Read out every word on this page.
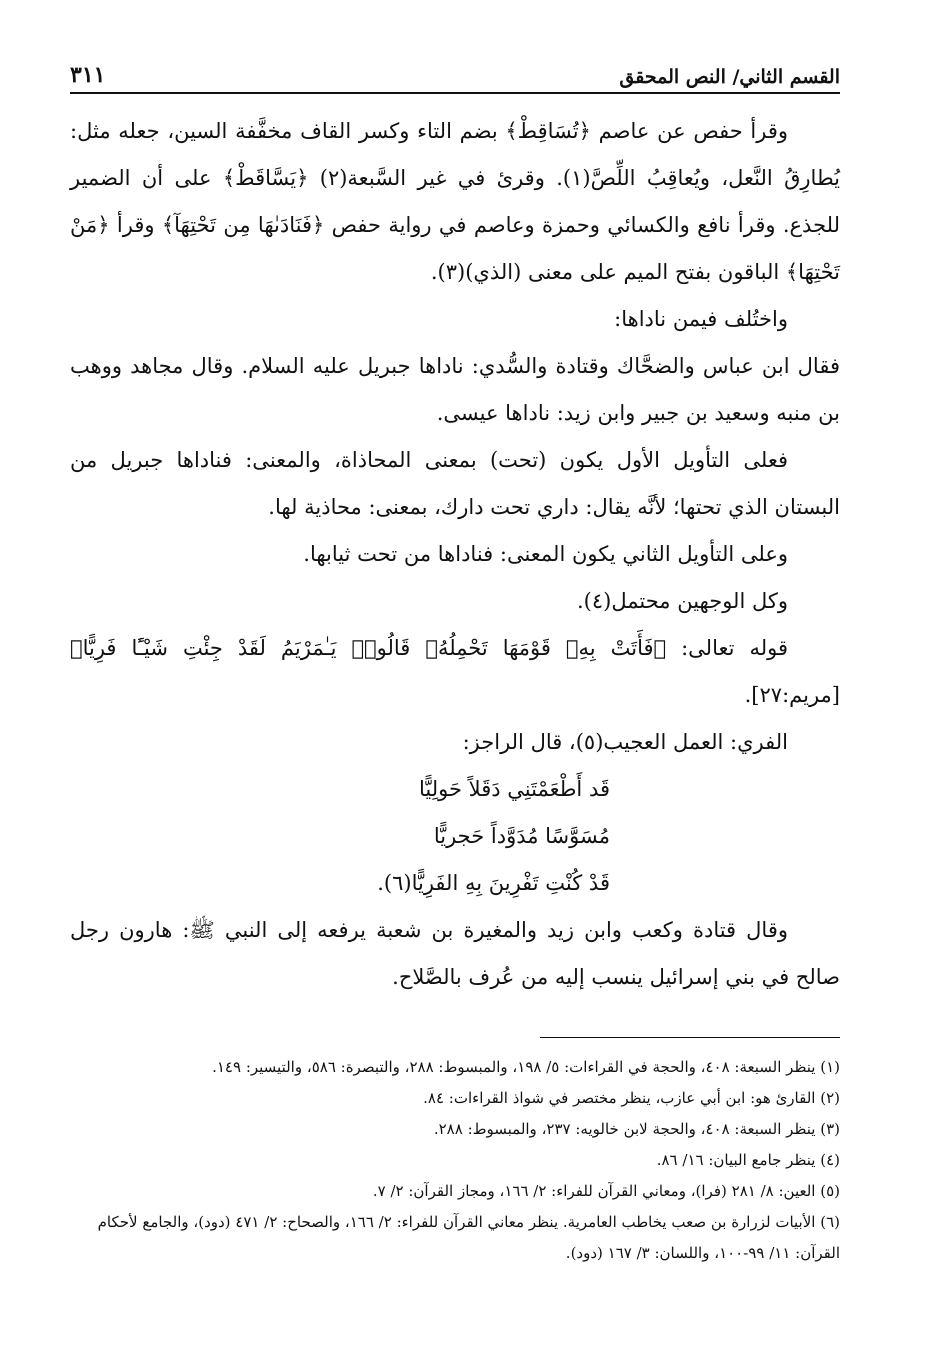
القسم الثاني/ النص المحقق
٣١١

وقرأ حفص عن عاصم ﴿تُسَاقِطْ﴾ بضم التاء وكسر القاف مخفَّفة السين، جعله مثل: يُطارِقُ النَّعل، ويُعاقِبُ اللِّصَّ(١). وقرئ في غير السَّبعة(٢) ﴿يَسَّاقَطْ﴾ على أن الضمير للجذع. وقرأ نافع والكسائي وحمزة وعاصم في رواية حفص ﴿فَنَادَىٰهَا مِن تَحْتِهَآ﴾ وقرأ ﴿مَنْ تَحْتِهَا﴾ الباقون بفتح الميم على معنى (الذي)(٣).

واختُلف فيمن ناداها:

فقال ابن عباس والضحَّاك وقتادة والسُّدي: ناداها جبريل عليه السلام. وقال مجاهد ووهب بن منبه وسعيد بن جبير وابن زيد: ناداها عيسى.

فعلى التأويل الأول يكون (تحت) بمعنى المحاذاة، والمعنى: فناداها جبريل من البستان الذي تحتها؛ لأنَّه يقال: داري تحت دارك، بمعنى: محاذية لها.

وعلى التأويل الثاني يكون المعنى: فناداها من تحت ثيابها.

وكل الوجهين محتمل(٤).

قوله تعالى: ﴿فَأَتَتْ بِهِۦ قَوْمَهَا تَحْمِلُهُۥ قَالُوا۟ يَـٰمَرْيَمُ لَقَدْ جِئْتِ شَيْـًٔا فَرِيًّا﴾ [مريم:٢٧].

الفري: العمل العجيب(٥)، قال الراجز:

قَد أَطْعَمْتَنِي دَقَلاً حَولِيًّا

مُسَوَّسًا مُدَوَّداً حَجريًّا

قَدْ كُنْتِ تَفْرِينَ بِهِ الفَرِيًّا(٦).

وقال قتادة وكعب وابن زيد والمغيرة بن شعبة يرفعه إلى النبي ﷺ: هارون رجل صالح في بني إسرائيل ينسب إليه من عُرف بالصَّلاح.

(١) ينظر السبعة: ٤٠٨، والحجة في القراءات: ٥/ ١٩٨، والمبسوط: ٢٨٨، والتبصرة: ٥٨٦، والتيسير: ١٤٩.

(٢) القارئ هو: ابن أبي عازب، ينظر مختصر في شواذ القراءات: ٨٤.

(٣) ينظر السبعة: ٤٠٨، والحجة لابن خالويه: ٢٣٧، والمبسوط: ٢٨٨.

(٤) ينظر جامع البيان: ١٦/ ٨٦.

(٥) العين: ٨/ ٢٨١ (فرا)، ومعاني القرآن للفراء: ٢/ ١٦٦، ومجاز القرآن: ٢/ ٧.

(٦) الأبيات لزرارة بن صعب يخاطب العامرية. ينظر معاني القرآن للفراء: ٢/ ١٦٦، والصحاح: ٢/ ٤٧١ (دود)، والجامع لأحكام القرآن: ١١/ ٩٩-١٠٠، واللسان: ٣/ ١٦٧ (دود).
